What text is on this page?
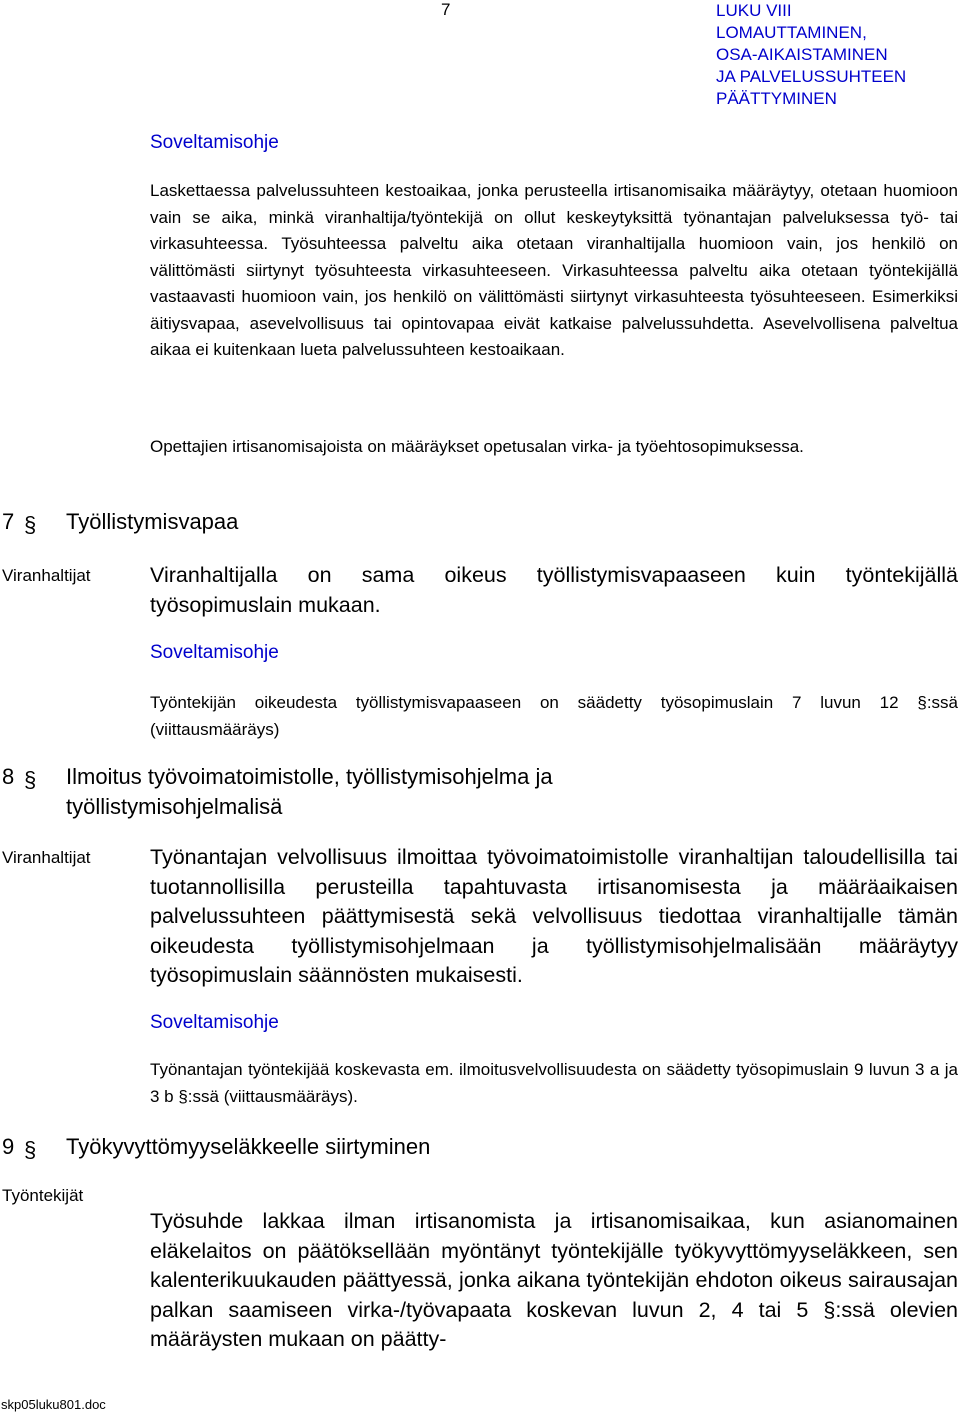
7	LUKU VIII
LOMAUTTAMINEN,
OSA-AIKAISTAMINEN
JA PALVELUSSUHTEEN
PÄÄTTYMINEN
Soveltamisohje

Laskettaessa palvelussuhteen kestoaikaa, jonka perusteella irtisanomisaika määräytyy, otetaan huomioon vain se aika, minkä viranhaltija/työntekijä on ollut keskeytyksittä työnantajan palveluksessa työ- tai virkasuhteessa. Työsuhteessa palveltu aika otetaan viranhaltijalla huomioon vain, jos henkilö on välittömästi siirtynyt työsuhteesta virkasuhteeseen. Virkasuhteessa palveltu aika otetaan työntekijällä vastaavasti huomioon vain, jos henkilö on välittömästi siirtynyt virkasuhteesta työsuhteeseen. Esimerkiksi äitiysvapaa, asevelvollisuus tai opintovapaa eivät katkaise palvelussuhdetta. Asevelvollisena palveltua aikaa ei kuitenkaan lueta palvelussuhteen kestoaikaan.

Opettajien irtisanomisajoista on määräykset opetusalan virka- ja työehtosopimuksessa.

7 § Työllistymisvapaa
Viranhaltijat	Viranhaltijalla on sama oikeus työllistymisvapaaseen kuin työntekijällä työsopimuslain mukaan.

Soveltamisohje

Työntekijän oikeudesta työllistymisvapaaseen on säädetty työsopimuslain 7 luvun 12 §:ssä (viittausmääräys)

8 § Ilmoitus työvoimatoimistolle, työllistymisohjelma ja työllistymisohjelmalisä
Viranhaltijat	Työnantajan velvollisuus ilmoittaa työvoimatoimistolle viranhaltijan taloudellisilla tai tuotannollisilla perusteilla tapahtuvasta irtisanomisesta ja määräaikaisen palvelussuhteen päättymisestä sekä velvollisuus tiedottaa viranhaltijalle tämän oikeudesta työllistymisohjelmaan ja työllistymisohjelmalisään määräytyy työsopimuslain säännösten mukaisesti.

Soveltamisohje

Työnantajan työntekijää koskevasta em. ilmoitusvelvollisuudesta on säädetty työsopimuslain 9 luvun 3 a ja 3 b §:ssä (viittausmääräys).

9 § Työkyvyttömyyseläkkeelle siirtyminen
Työntekijät

Työsuhde lakkaa ilman irtisanomista ja irtisanomisaikaa, kun asianomainen eläkelaitos on päätöksellään myöntänyt työntekijälle työkyvyttömyyseläkkeen, sen kalenterikuukauden päättyessä, jonka aikana työntekijän ehdoton oikeus sairausajan palkan saamiseen virka-/työvapaata koskevan luvun 2, 4 tai 5 §:ssä olevien määräysten mukaan on päätty-

skp05luku801.doc
